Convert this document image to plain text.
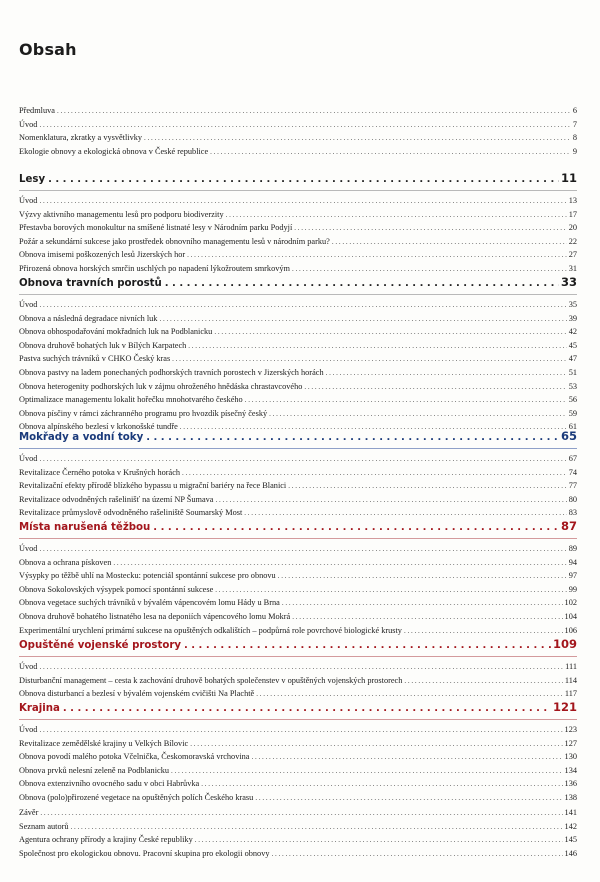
Obsah
Předmluva . . .	6
Úvod . . .	7
Nomenklatura, zkratky a vysvětlivky . . .	8
Ekologie obnovy a ekologická obnova v České republice . . .	9
Lesy . . .	11
Úvod . . .	13
Výzvy aktivního managementu lesů pro podporu biodiverzity . . .	17
Přestavba borových monokultur na smíšené listnaté lesy v Národním parku Podyjí . . .	20
Požár a sekundární sukcese jako prostředek obnovního managementu lesů v národním parku? . . .	22
Obnova imisemi poškozených lesů Jizerských hor . . .	27
Přirozená obnova horských smrčin uschlých po napadení lýkožroutem smrkovým . . .	31
Obnova travních porostů . . .	33
Úvod . . .	35
Obnova a následná degradace nivních luk . . .	39
Obnova obhospodařování mokřadních luk na Podblanicku . . .	42
Obnova druhově bohatých luk v Bílých Karpatech . . .	45
Pastva suchých trávníků v CHKO Český kras . . .	47
Obnova pastvy na ladem ponechaných podhorských travních porostech v Jizerských horách . . .	51
Obnova heterogenity podhorských luk v zájmu ohroženého hnědáska chrastavcového . . .	53
Optimalizace managementu lokalit hořečku mnohotvarého českého . . .	56
Obnova písčiny v rámci záchranného programu pro hvozdík písečný český . . .	59
Obnova alpínského bezlesí v krkonošské tundře . . .	61
Mokřady a vodní toky . . .	65
Úvod . . .	67
Revitalizace Černého potoka v Krušných horách . . .	74
Revitalizační efekty přírodě blízkého bypassu u migrační bariéry na řece Blanici . . .	77
Revitalizace odvodněných rašelinišť na území NP Šumava . . .	80
Revitalizace průmyslově odvodněného rašeliniště Soumarský Most . . .	83
Místa narušená těžbou . . .	87
Úvod . . .	89
Obnova a ochrana pískoven . . .	94
Výsypky po těžbě uhlí na Mostecku: potenciál spontánní sukcese pro obnovu . . .	97
Obnova Sokolovských výsypek pomocí spontánní sukcese . . .	99
Obnova vegetace suchých trávníků v bývalém vápencovém lomu Hády u Brna . . .	102
Obnova druhově bohatého listnatého lesa na deponiích vápencového lomu Mokrá . . .	104
Experimentální urychlení primární sukcese na opuštěných odkalištích – podpůrná role povrchové biologické krusty . . .	106
Opuštěné vojenské prostory . . .	109
Úvod . . .	111
Disturbanční management – cesta k zachování druhově bohatých společenstev v opuštěných vojenských prostorech . . .	114
Obnova disturbancí a bezlesí v bývalém vojenském cvičišti Na Plachtě . . .	117
Krajina . . .	121
Úvod . . .	123
Revitalizace zemědělské krajiny u Velkých Bílovic . . .	127
Obnova povodí malého potoka Včelnička, Českomoravská vrchovina . . .	130
Obnova prvků nelesní zeleně na Podblanicku . . .	134
Obnova extenzivního ovocného sadu v obci Habrůvka . . .	136
Obnova (polo)přirozené vegetace na opuštěných polích Českého krasu . . .	138
Závěr . . .	141
Seznam autorů . . .	142
Agentura ochrany přírody a krajiny České republiky . . .	145
Společnost pro ekologickou obnovu. Pracovní skupina pro ekologii obnovy . . .	146
